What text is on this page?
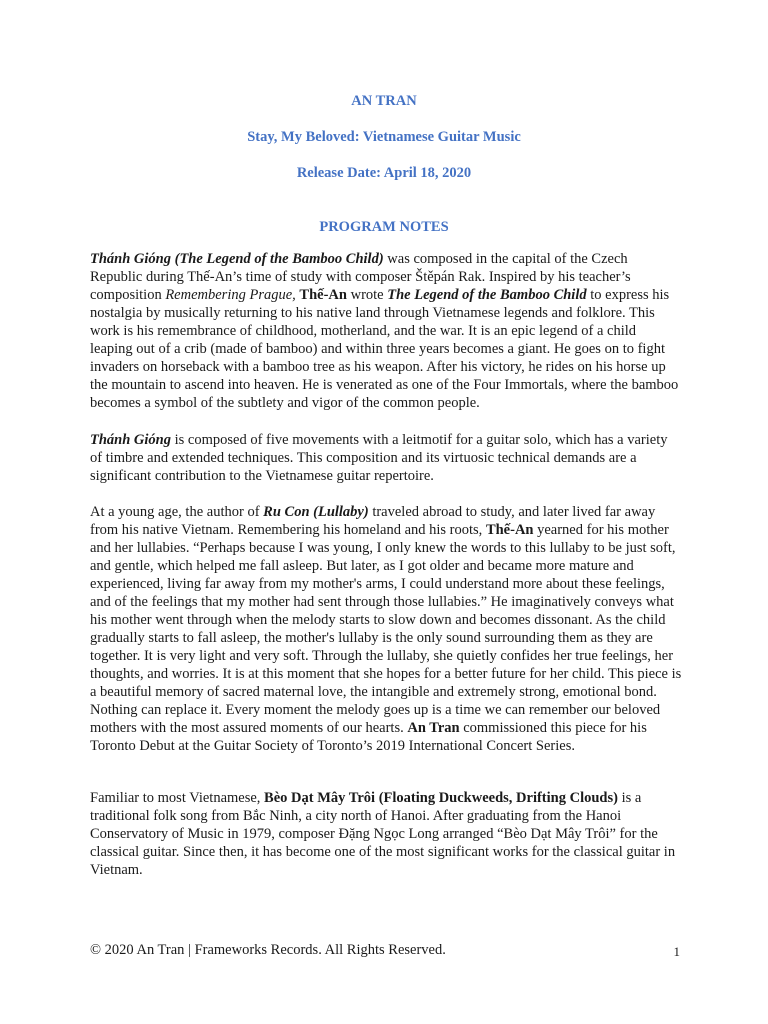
AN TRAN
Stay, My Beloved: Vietnamese Guitar Music
Release Date: April 18, 2020
PROGRAM NOTES

Thánh Gióng (The Legend of the Bamboo Child) was composed in the capital of the Czech Republic during Thế-An’s time of study with composer Štěpán Rak. Inspired by his teacher’s composition Remembering Prague, Thế-An wrote The Legend of the Bamboo Child to express his nostalgia by musically returning to his native land through Vietnamese legends and folklore. This work is his remembrance of childhood, motherland, and the war. It is an epic legend of a child leaping out of a crib (made of bamboo) and within three years becomes a giant. He goes on to fight invaders on horseback with a bamboo tree as his weapon. After his victory, he rides on his horse up the mountain to ascend into heaven. He is venerated as one of the Four Immortals, where the bamboo becomes a symbol of the subtlety and vigor of the common people.

Thánh Gióng is composed of five movements with a leitmotif for a guitar solo, which has a variety of timbre and extended techniques. This composition and its virtuosic technical demands are a significant contribution to the Vietnamese guitar repertoire.

At a young age, the author of Ru Con (Lullaby) traveled abroad to study, and later lived far away from his native Vietnam. Remembering his homeland and his roots, Thế-An yearned for his mother and her lullabies. “Perhaps because I was young, I only knew the words to this lullaby to be just soft, and gentle, which helped me fall asleep. But later, as I got older and became more mature and experienced, living far away from my mother's arms, I could understand more about these feelings, and of the feelings that my mother had sent through those lullabies.” He imaginatively conveys what his mother went through when the melody starts to slow down and becomes dissonant. As the child gradually starts to fall asleep, the mother's lullaby is the only sound surrounding them as they are together. It is very light and very soft. Through the lullaby, she quietly confides her true feelings, her thoughts, and worries. It is at this moment that she hopes for a better future for her child. This piece is a beautiful memory of sacred maternal love, the intangible and extremely strong, emotional bond. Nothing can replace it. Every moment the melody goes up is a time we can remember our beloved mothers with the most assured moments of our hearts. An Tran commissioned this piece for his Toronto Debut at the Guitar Society of Toronto’s 2019 International Concert Series.

Familiar to most Vietnamese, Bèo Dạt Mây Trôi (Floating Duckweeds, Drifting Clouds) is a traditional folk song from Bắc Ninh, a city north of Hanoi. After graduating from the Hanoi Conservatory of Music in 1979, composer Đặng Ngọc Long arranged “Bèo Dạt Mây Trôi” for the classical guitar. Since then, it has become one of the most significant works for the classical guitar in Vietnam.

© 2020 An Tran | Frameworks Records. All Rights Reserved.	1
